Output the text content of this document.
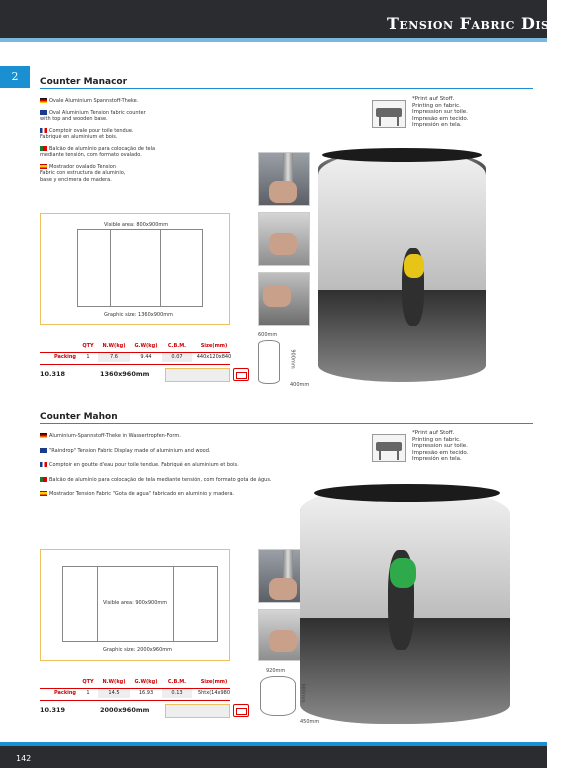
Tension Fabric Display
2	Counter Manacor
Ovale Aluminium Spannstoff-Theke.
Oval Aluminium Tension fabric counter
with top and wooden base.
Comptoir ovale pour toile tendue.
Fabriqué en aluminium et bois.
Balcão de alumínio para colocação de tela
mediante tensión, com formato ovalado.
Mostrador ovalado Tension
Fabric con estructura de aluminio,
base y encimera de madera.
*Print auf Stoff.
Printing on fabric.
Impression sur toile.
Impresão em tecido.
Impresión en tela.
Visible area: 800x900mm
Graphic size: 1360x900mm
600mm
900mm
400mm
QTY	N.W(kg)	G.W(kg)	C.B.M.	Size(mm)
Packing	1	7.6	9.44	0.07	440x120x840
10.318	1360x960mm
Counter Mahon
Aluminium-Spannstoff-Theke in Wassertropfen-Form.
"Raindrop" Tension Fabric Display made of aluminium and wood.
Comptoir en goutte d'eau pour toile tendue. Fabriqué en aluminium et bois.
Balcão de alumínio para colocação de tela mediante tensión, com formato gota de águs.
Mostrador Tension Fabric "Gota de agua" fabricado en aluminio y madera.
*Print auf Stoff.
Printing on fabric.
Impression sur toile.
Impresão em tecido.
Impresión en tela.
Visible area: 900x900mm
Graphic size: 2000x960mm
920mm
980mm
450mm
QTY	N.W(kg)	G.W(kg)	C.B.M.	Size(mm)
Packing	1	14.5	16.93	0.13	5htx(14x980
10.319	2000x960mm
142
